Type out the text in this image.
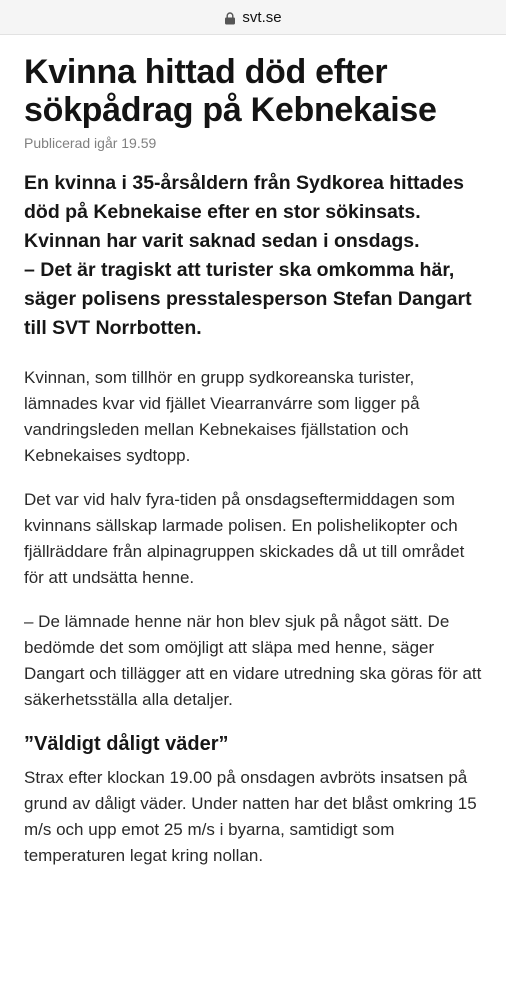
svt.se
Kvinna hittad död efter sökpådrag på Kebnekaise

Publicerad igår 19.59

En kvinna i 35-årsåldern från Sydkorea hittades död på Kebnekaise efter en stor sökinsats. Kvinnan har varit saknad sedan i onsdags.
– Det är tragiskt att turister ska omkomma här, säger polisens presstalesperson Stefan Dangart till SVT Norrbotten.

Kvinnan, som tillhör en grupp sydkoreanska turister, lämnades kvar vid fjället Viearranvárre som ligger på vandringsleden mellan Kebnekaises fjällstation och Kebnekaises sydtopp.

Det var vid halv fyra-tiden på onsdagseftermiddagen som kvinnans sällskap larmade polisen. En polishelikopter och fjällräddare från alpinagruppen skickades då ut till området för att undsätta henne.

– De lämnade henne när hon blev sjuk på något sätt. De bedömde det som omöjligt att släpa med henne, säger Dangart och tillägger att en vidare utredning ska göras för att säkerhetsställa alla detaljer.

”Väldigt dåligt väder”

Strax efter klockan 19.00 på onsdagen avbröts insatsen på grund av dåligt väder. Under natten har det blåst omkring 15 m/s och upp emot 25 m/s i byarna, samtidigt som temperaturen legat kring nollan.
